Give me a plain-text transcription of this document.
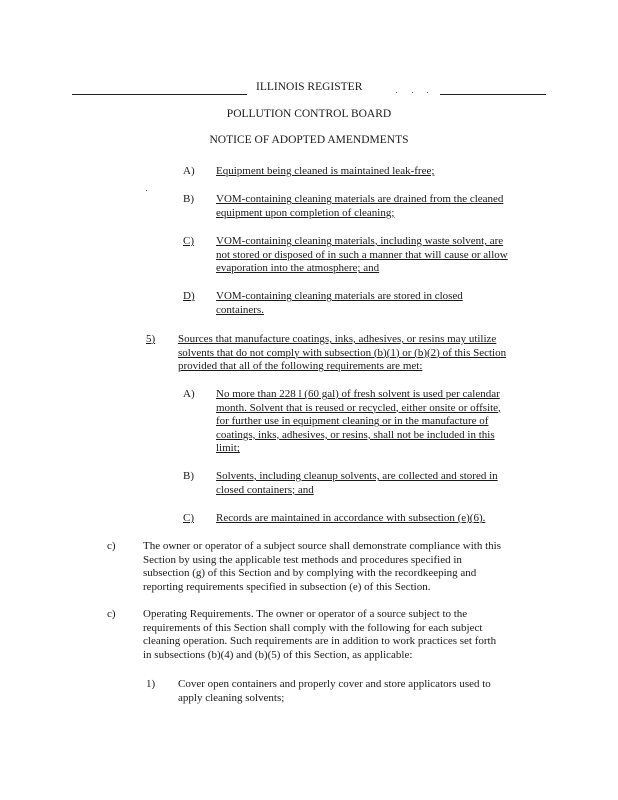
ILLINOIS REGISTER
POLLUTION CONTROL BOARD
NOTICE OF ADOPTED AMENDMENTS
A) Equipment being cleaned is maintained leak-free;
B) VOM-containing cleaning materials are drained from the cleaned
equipment upon completion of cleaning;
C) VOM-containing cleaning materials, including waste solvent, are
not stored or disposed of in such a manner that will cause or allow
evaporation into the atmosphere; and
D) VOM-containing cleaning materials are stored in closed
containers.
5) Sources that manufacture coatings, inks, adhesives, or resins may utilize
solvents that do not comply with subsection (b)(1) or (b)(2) of this Section
provided that all of the following requirements are met:
A) No more than 228 l (60 gal) of fresh solvent is used per calendar
month. Solvent that is reused or recycled, either onsite or offsite,
for further use in equipment cleaning or in the manufacture of
coatings, inks, adhesives, or resins, shall not be included in this
limit;
B) Solvents, including cleanup solvents, are collected and stored in
closed containers; and
C) Records are maintained in accordance with subsection (e)(6).
c) The owner or operator of a subject source shall demonstrate compliance with this
Section by using the applicable test methods and procedures specified in
subsection (g) of this Section and by complying with the recordkeeping and
reporting requirements specified in subsection (e) of this Section.
c) Operating Requirements. The owner or operator of a source subject to the
requirements of this Section shall comply with the following for each subject
cleaning operation. Such requirements are in addition to work practices set forth
in subsections (b)(4) and (b)(5) of this Section, as applicable:
1) Cover open containers and properly cover and store applicators used to
apply cleaning solvents;
